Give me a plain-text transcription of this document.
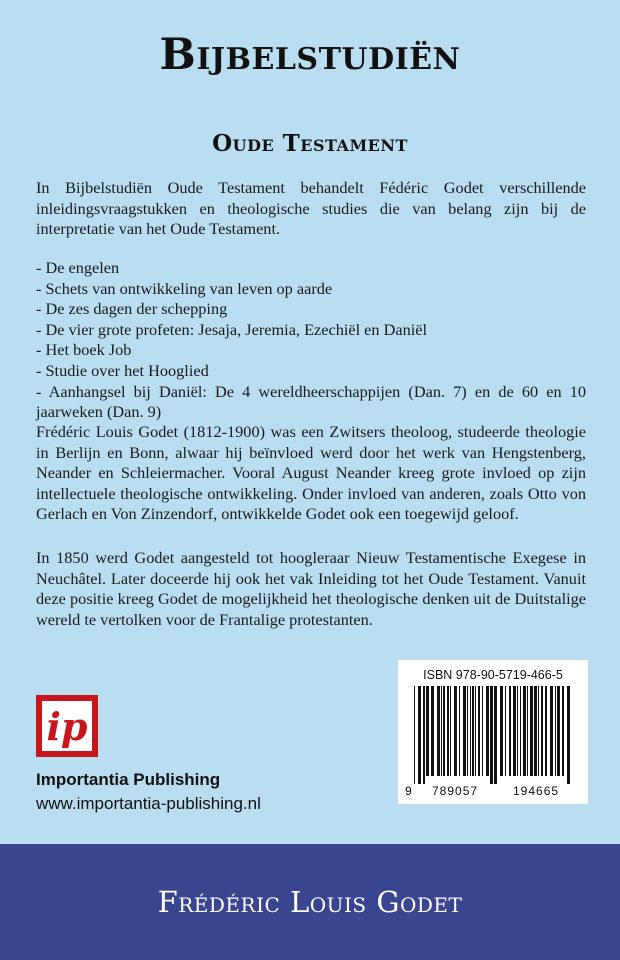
Bijbelstudiën
Oude Testament

In Bijbelstudiën Oude Testament behandelt Fédéric Godet verschillende inleidingsvraagstukken en theologische studies die van belang zijn bij de interpretatie van het Oude Testament.

- De engelen
- Schets van ontwikkeling van leven op aarde
- De zes dagen der schepping
- De vier grote profeten: Jesaja, Jeremia, Ezechiël en Daniël
- Het boek Job
- Studie over het Hooglied
- Aanhangsel bij Daniël: De 4 wereldheerschappijen (Dan. 7) en de 60 en 10 jaarweken (Dan. 9)

Frédéric Louis Godet (1812-1900) was een Zwitsers theoloog, studeerde theologie in Berlijn en Bonn, alwaar hij beïnvloed werd door het werk van Hengstenberg, Neander en Schleiermacher. Vooral August Neander kreeg grote invloed op zijn intellectuele theologische ontwikkeling. Onder invloed van anderen, zoals Otto von Gerlach en Von Zinzendorf, ontwikkelde Godet ook een toegewijd geloof.

In 1850 werd Godet aangesteld tot hoogleraar Nieuw Testamentische Exegese in Neuchâtel. Later doceerde hij ook het vak Inleiding tot het Oude Testament. Vanuit deze positie kreeg Godet de mogelijkheid het theologische denken uit de Duitstalige wereld te vertolken voor de Frantalige protestanten.

ISBN 978-90-5719-466-5
9 789057	194665
ip
Importantia Publishing
www.importantia-publishing.nl
Frédéric Louis Godet
